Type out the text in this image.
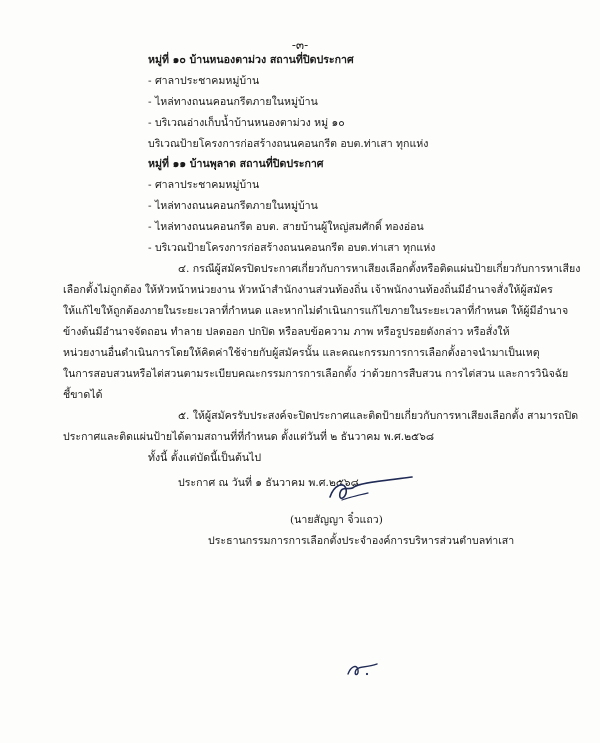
-๓-
หมู่ที่ ๑๐ บ้านหนองตาม่วง สถานที่ปิดประกาศ
- ศาลาประชาคมหมู่บ้าน
- ไหล่ทางถนนคอนกรีตภายในหมู่บ้าน
- บริเวณอ่างเก็บน้ำบ้านหนองตาม่วง หมู่ ๑๐
บริเวณป้ายโครงการก่อสร้างถนนคอนกรีต อบต.ท่าเสา ทุกแห่ง
หมู่ที่ ๑๑ บ้านพุลาด สถานที่ปิดประกาศ
- ศาลาประชาคมหมู่บ้าน
- ไหล่ทางถนนคอนกรีตภายในหมู่บ้าน
- ไหล่ทางถนนคอนกรีต อบต. สายบ้านผู้ใหญ่สมศักดิ์ ทองอ่อน
- บริเวณป้ายโครงการก่อสร้างถนนคอนกรีต อบต.ท่าเสา ทุกแห่ง
๔. กรณีผู้สมัครปิดประกาศเกี่ยวกับการหาเสียงเลือกตั้งหรือติดแผ่นป้ายเกี่ยวกับการหาเสียง
เลือกตั้งไม่ถูกต้อง ให้หัวหน้าหน่วยงาน หัวหน้าสำนักงานส่วนท้องถิ่น เจ้าพนักงานท้องถิ่นมีอำนาจสั่งให้ผู้สมัคร
ให้แก้ไขให้ถูกต้องภายในระยะเวลาที่กำหนด และหากไม่ดำเนินการแก้ไขภายในระยะเวลาที่กำหนด ให้ผู้มีอำนาจ
ข้างต้นมีอำนาจจัดถอน ทำลาย ปลดออก ปกปิด หรือลบข้อความ ภาพ หรือรูปรอยดังกล่าว หรือสั่งให้
หน่วยงานอื่นดำเนินการโดยให้คิดค่าใช้จ่ายกับผู้สมัครนั้น และคณะกรรมการการเลือกตั้งอาจนำมาเป็นเหตุ
ในการสอบสวนหรือไต่สวนตามระเบียบคณะกรรมการการเลือกตั้ง ว่าด้วยการสืบสวน การไต่สวน และการวินิจฉัย
ชี้ขาดได้
๕. ให้ผู้สมัครรับประสงค์จะปิดประกาศและติดป้ายเกี่ยวกับการหาเสียงเลือกตั้ง สามารถปิด
ประกาศและติดแผ่นป้ายได้ตามสถานที่ที่กำหนด ตั้งแต่วันที่ ๒ ธันวาคม พ.ศ.๒๕๖๘
ทั้งนี้ ตั้งแต่บัดนี้เป็นต้นไป
ประกาศ ณ วันที่ ๑ ธันวาคม พ.ศ.๒๕๖๘
(นายสัญญา จิ๋วแถว)
ประธานกรรมการการเลือกตั้งประจำองค์การบริหารส่วนตำบลท่าเสา
